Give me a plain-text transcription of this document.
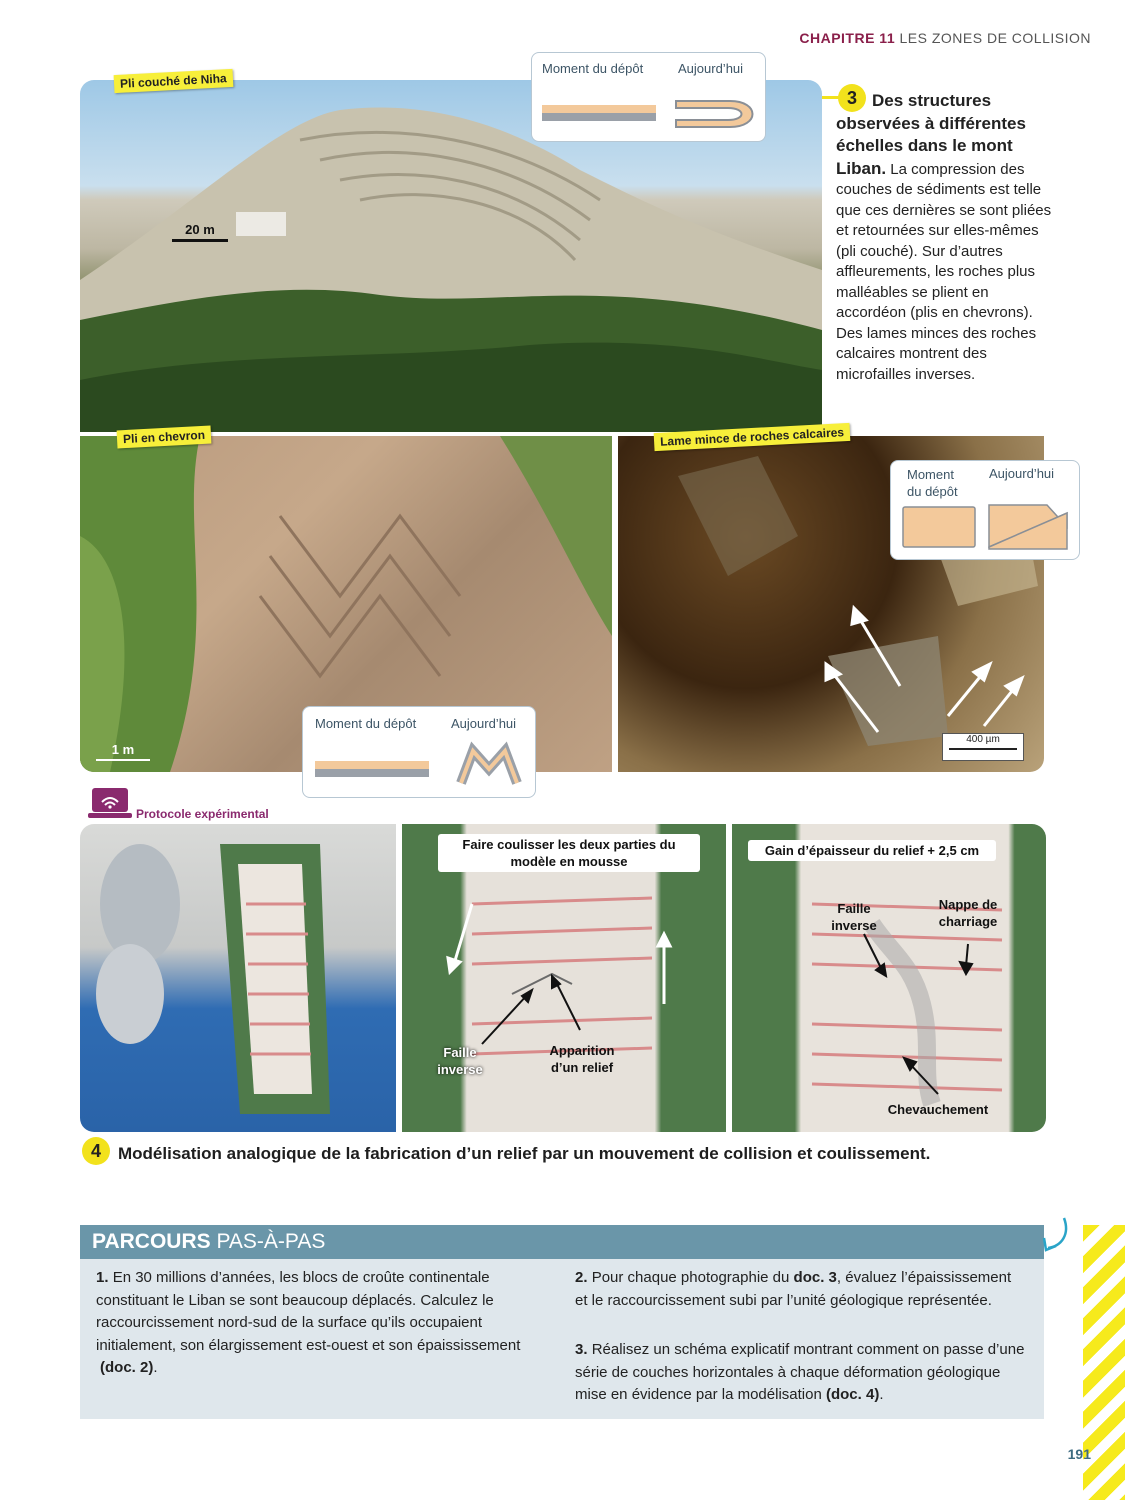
CHAPITRE 11 LES ZONES DE COLLISION
20 m
Pli couché de Niha
Moment du dépôt	Aujourd’hui
3 Des structures observées à différentes échelles dans le mont Liban. La compression des couches de sédiments est telle que ces dernières se sont pliées et retournées sur elles-mêmes (pli couché). Sur d’autres affleurements, les roches plus malléables se plient en accordéon (plis en chevrons). Des lames minces des roches calcaires montrent des microfailles inverses.
1 m
Pli en chevron
Moment du dépôt	Aujourd’hui
400 µm
Lame mince de roches calcaires
Moment
du dépôt
Aujourd’hui
Protocole expérimental
Faire coulisser les deux parties du modèle en mousse
Faille inverse
Apparition d’un relief
Gain d’épaisseur du relief + 2,5 cm
Faille inverse
Nappe de charriage
Chevauchement
4	Modélisation analogique de la fabrication d’un relief par un mouvement de collision et coulissement.
PARCOURS PAS-À-PAS
1. En 30 millions d’années, les blocs de croûte continentale constituant le Liban se sont beaucoup déplacés. Calculez le raccourcissement nord-sud de la surface qu’ils occupaient initialement, son élargissement est-ouest et son épaississement (doc. 2).
2. Pour chaque photographie du doc. 3, évaluez l’épaississement et le raccourcissement subi par l’unité géologique représentée.
3. Réalisez un schéma explicatif montrant comment on passe d’une série de couches horizontales à chaque déformation géologique mise en évidence par la modélisation (doc. 4).
191
